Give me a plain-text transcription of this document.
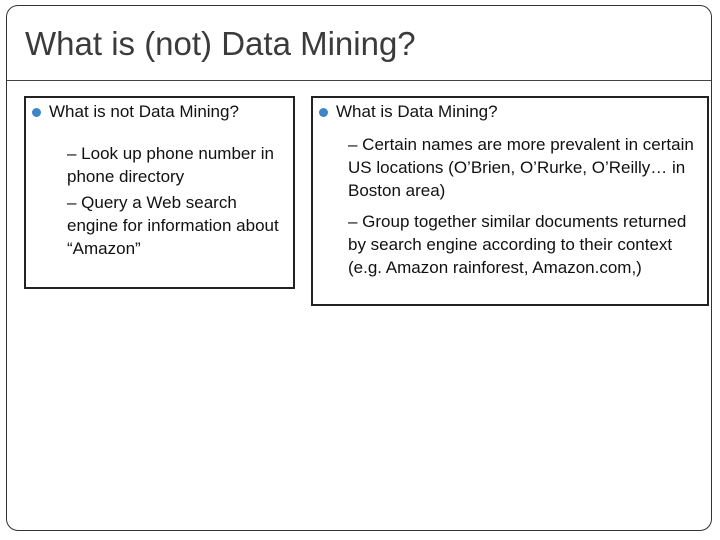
What is (not) Data Mining?
What is not Data Mining?
– Look up phone number in phone directory
– Query a Web search engine for information about “Amazon”
What is Data Mining?
– Certain names are more prevalent in certain US locations (O’Brien, O’Rurke, O’Reilly… in Boston area)
– Group together similar documents returned by search engine according to their context (e.g. Amazon rainforest, Amazon.com,)
